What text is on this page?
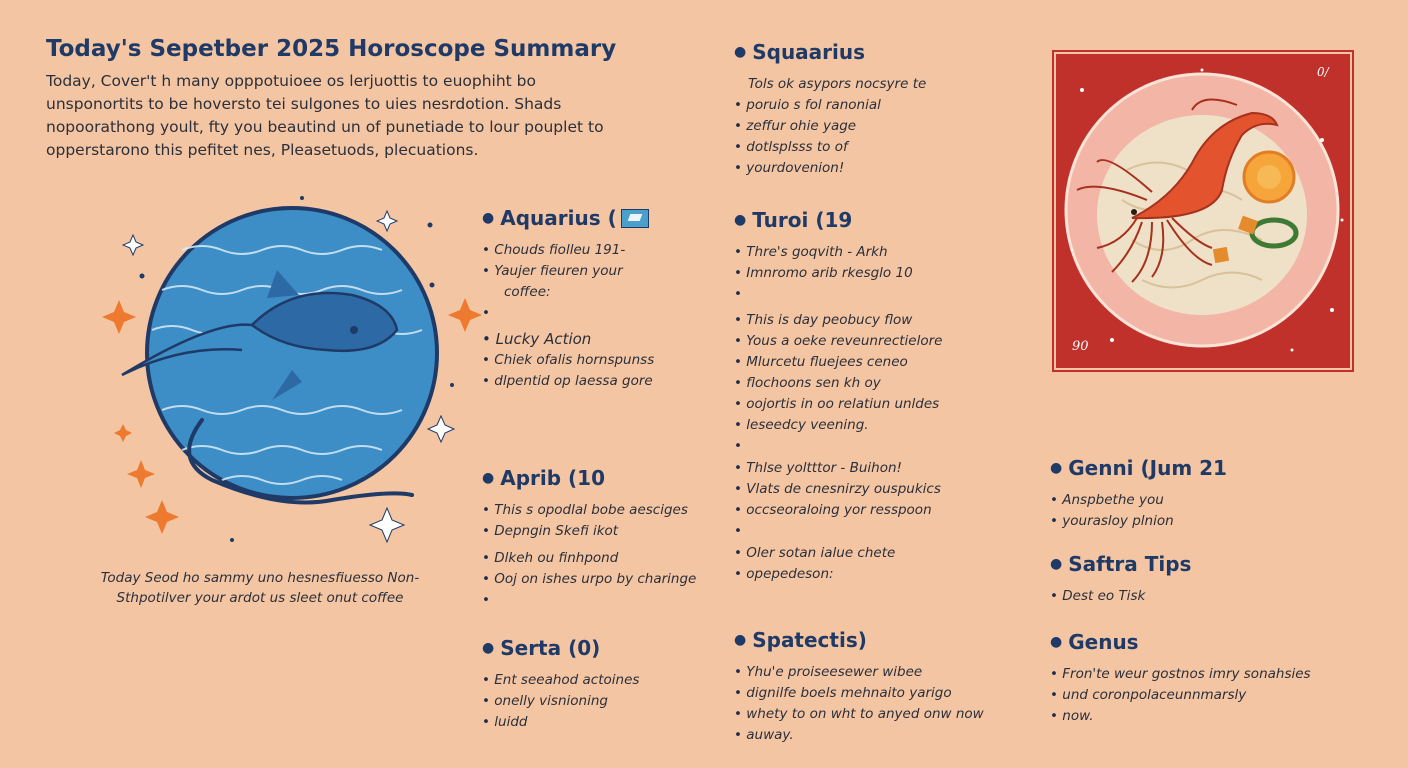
Today's Sepetber 2025 Horoscope Summary

Today, Cover't h many opppotuioee os lerjuottis to euophiht bo
unsponortits to be hoversto tei sulgones to uies nesrdotion. Shads
nopoorathong yoult, fty you beautind un of punetiade to lour pouplet to
opperstarono this pefitet nes, Pleasetuods, plecuations.

Today Seod ho sammy uno hesnesfiuesso Non-
Sthpotilver your ardot us sleet onut coffee
0/
90
● Aquarius (
• Chouds fiolleu 191-
• Yaujer fieuren your
coffee:
•
• Lucky Action
• Chiek ofalis hornspunss
• dlpentid op laessa gore
● Aprib (10
• This s opodlal bobe aesciges
• Depngin Skefi ikot
• Dlkeh ou finhpond
• Ooj on ishes urpo by charinge
•
● Serta (0)
• Ent seeahod actoines
• onelly visnioning
• luidd
● Squaarius
Tols ok asypors nocsyre te
• poruio s fol ranonial
• zeffur ohie yage
• dotlsplsss to of
• yourdovenion!
● Turoi (19
• Thre's goqvith - Arkh
• Imnromo arib rkesglo 10
•
• This is day peobucy flow
• Yous a oeke reveunrectielore
• Mlurcetu fluejees ceneo
• flochoons sen kh oy
• oojortis in oo relatiun unldes
• leseedcy veening.
•
• Thlse yoltttor - Buihon!
• Vlats de cnesnirzy ouspukics
• occseoraloing yor resspoon
•
• Oler sotan ialue chete
• opepedeson:
● Spatectis)
• Yhu'e proiseesewer wibee
• dignilfe boels mehnaito yarigo
• whety to on wht to anyed onw now
• auway.
● Genni (Jum 21
• Anspbethe you
• yourasloy plnion
● Saftra Tips
• Dest eo Tisk
● Genus
• Fron'te weur gostnos imry sonahsies
• und coronpolaceunnmarsly
• now.
